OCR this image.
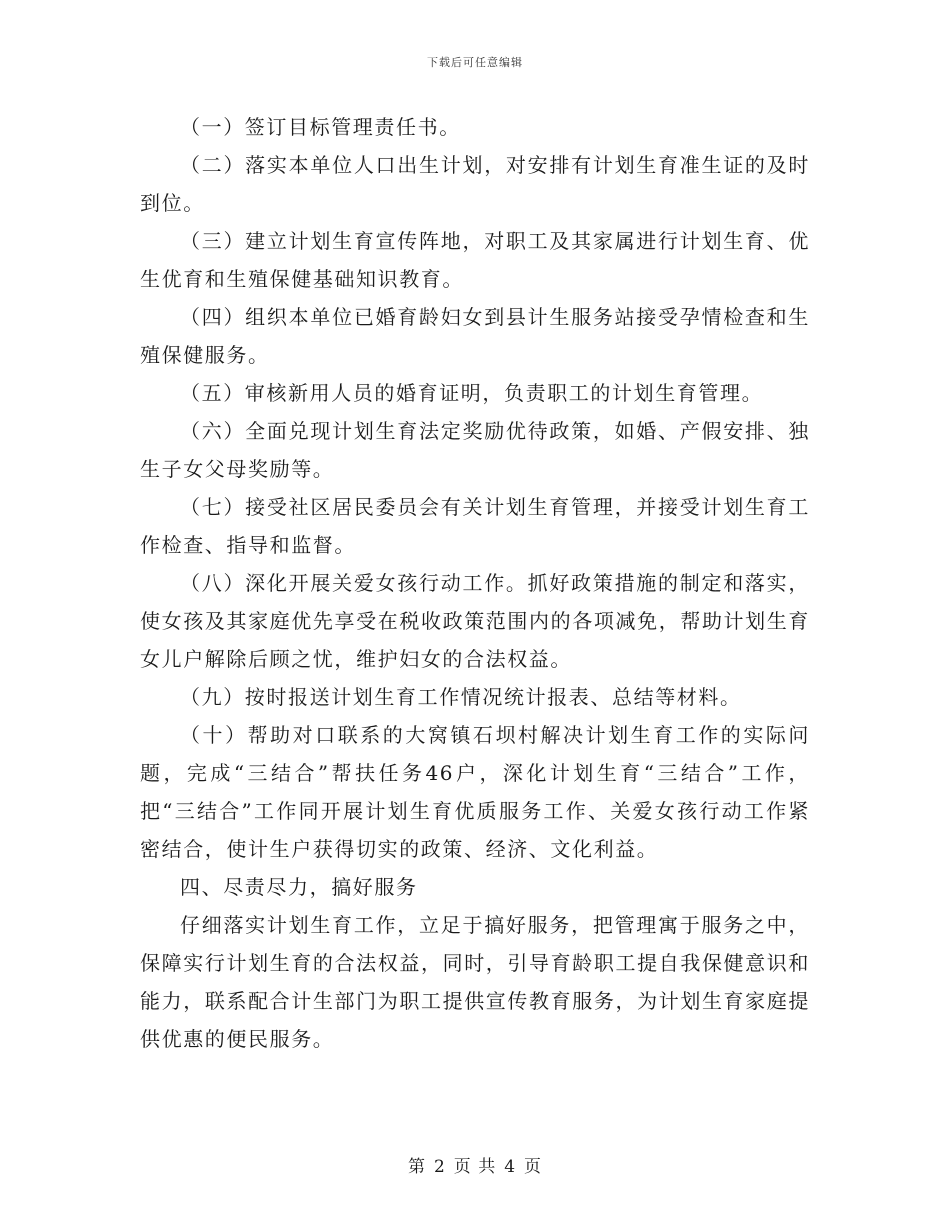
下载后可任意编辑

（一）签订目标管理责任书。

（二）落实本单位人口出生计划，对安排有计划生育准生证的及时到位。

（三）建立计划生育宣传阵地，对职工及其家属进行计划生育、优生优育和生殖保健基础知识教育。

（四）组织本单位已婚育龄妇女到县计生服务站接受孕情检查和生殖保健服务。

（五）审核新用人员的婚育证明，负责职工的计划生育管理。

（六）全面兑现计划生育法定奖励优待政策，如婚、产假安排、独生子女父母奖励等。

（七）接受社区居民委员会有关计划生育管理，并接受计划生育工作检查、指导和监督。

（八）深化开展关爱女孩行动工作。抓好政策措施的制定和落实，使女孩及其家庭优先享受在税收政策范围内的各项减免，帮助计划生育女儿户解除后顾之忧，维护妇女的合法权益。

（九）按时报送计划生育工作情况统计报表、总结等材料。

（十）帮助对口联系的大窝镇石坝村解决计划生育工作的实际问题，完成“三结合”帮扶任务46户，深化计划生育“三结合”工作，把“三结合”工作同开展计划生育优质服务工作、关爱女孩行动工作紧密结合，使计生户获得切实的政策、经济、文化利益。

四、尽责尽力，搞好服务

仔细落实计划生育工作，立足于搞好服务，把管理寓于服务之中，保障实行计划生育的合法权益，同时，引导育龄职工提自我保健意识和能力，联系配合计生部门为职工提供宣传教育服务，为计划生育家庭提供优惠的便民服务。

第 2 页 共 4 页
